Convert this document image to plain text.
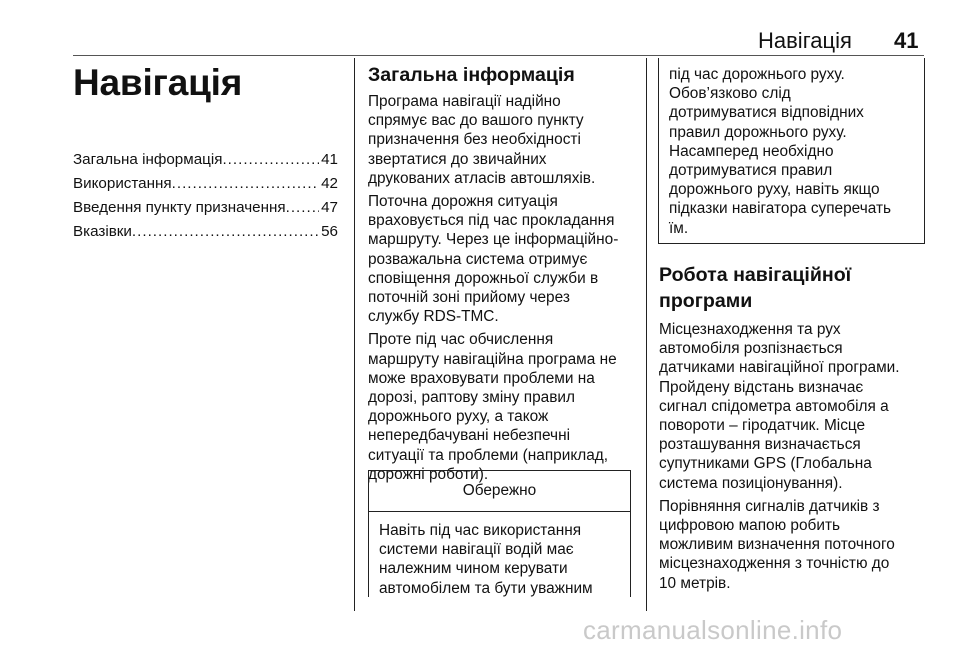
Навігація 41
Навігація
Загальна інформація .....	41
Використання .....	42
Введення пункту призначення ..... 47
Вказівки .....	56
Загальна інформація
Програма навігації надійно
спрямує вас до вашого пункту
призначення без необхідності
звертатися до звичайних
друкованих атласів автошляхів.
Поточна дорожня ситуація
враховується під час прокладання
маршруту. Через це інформаційно-
розважальна система отримує
сповіщення дорожньої служби в
поточній зоні прийому через
службу RDS-TMC.
Проте під час обчислення
маршруту навігаційна програма не
може враховувати проблеми на
дорозі, раптову зміну правил
дорожнього руху, а також
непередбачувані небезпечні
ситуації та проблеми (наприклад,
дорожні роботи).
Обережно
Навіть під час використання
системи навігації водій має
належним чином керувати
автомобілем та бути уважним
під час дорожнього руху.
Обов’язково слід
дотримуватися відповідних
правил дорожнього руху.
Насамперед необхідно
дотримуватися правил
дорожнього руху, навіть якщо
підказки навігатора суперечать
їм.
Робота навігаційної програми
Місцезнаходження та рух
автомобіля розпізнається
датчиками навігаційної програми.
Пройдену відстань визначає
сигнал спідометра автомобіля а
повороти – гіродатчик. Місце
розташування визначається
супутниками GPS (Глобальна
система позиціонування).
Порівняння сигналів датчиків з
цифровою мапою робить
можливим визначення поточного
місцезнаходження з точністю до
10 метрів.
carmanualsonline.info
